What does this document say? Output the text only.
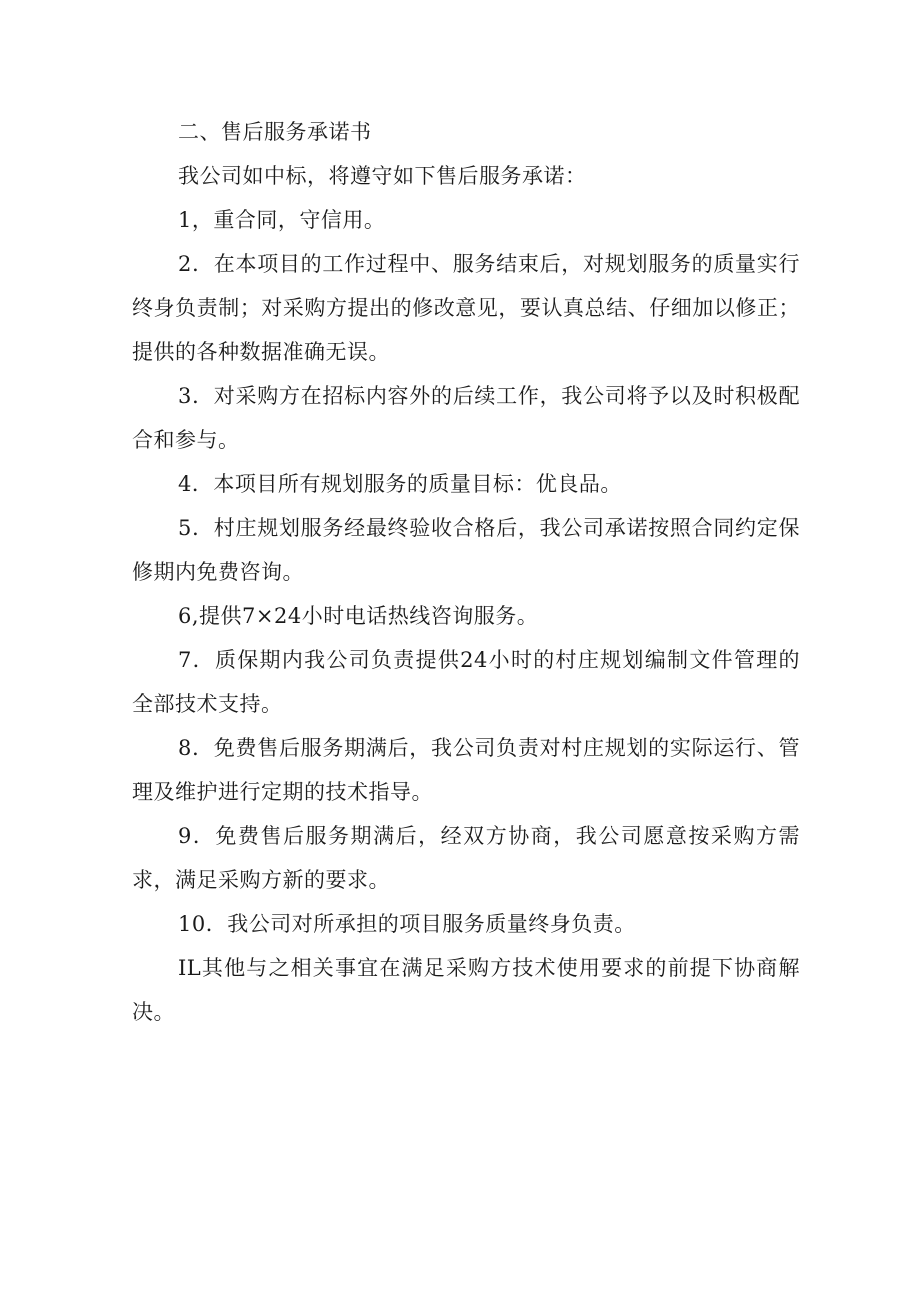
二、售后服务承诺书

我公司如中标，将遵守如下售后服务承诺：

1，重合同，守信用。

2．在本项目的工作过程中、服务结束后，对规划服务的质量实行终身负责制；对采购方提出的修改意见，要认真总结、仔细加以修正；提供的各种数据准确无误。

3．对采购方在招标内容外的后续工作，我公司将予以及时积极配合和参与。

4．本项目所有规划服务的质量目标：优良品。

5．村庄规划服务经最终验收合格后，我公司承诺按照合同约定保修期内免费咨询。

6,提供7×24小时电话热线咨询服务。

7．质保期内我公司负责提供24小时的村庄规划编制文件管理的全部技术支持。

8．免费售后服务期满后，我公司负责对村庄规划的实际运行、管理及维护进行定期的技术指导。

9．免费售后服务期满后，经双方协商，我公司愿意按采购方需求，满足采购方新的要求。

10．我公司对所承担的项目服务质量终身负责。

IL其他与之相关事宜在满足采购方技术使用要求的前提下协商解决。
